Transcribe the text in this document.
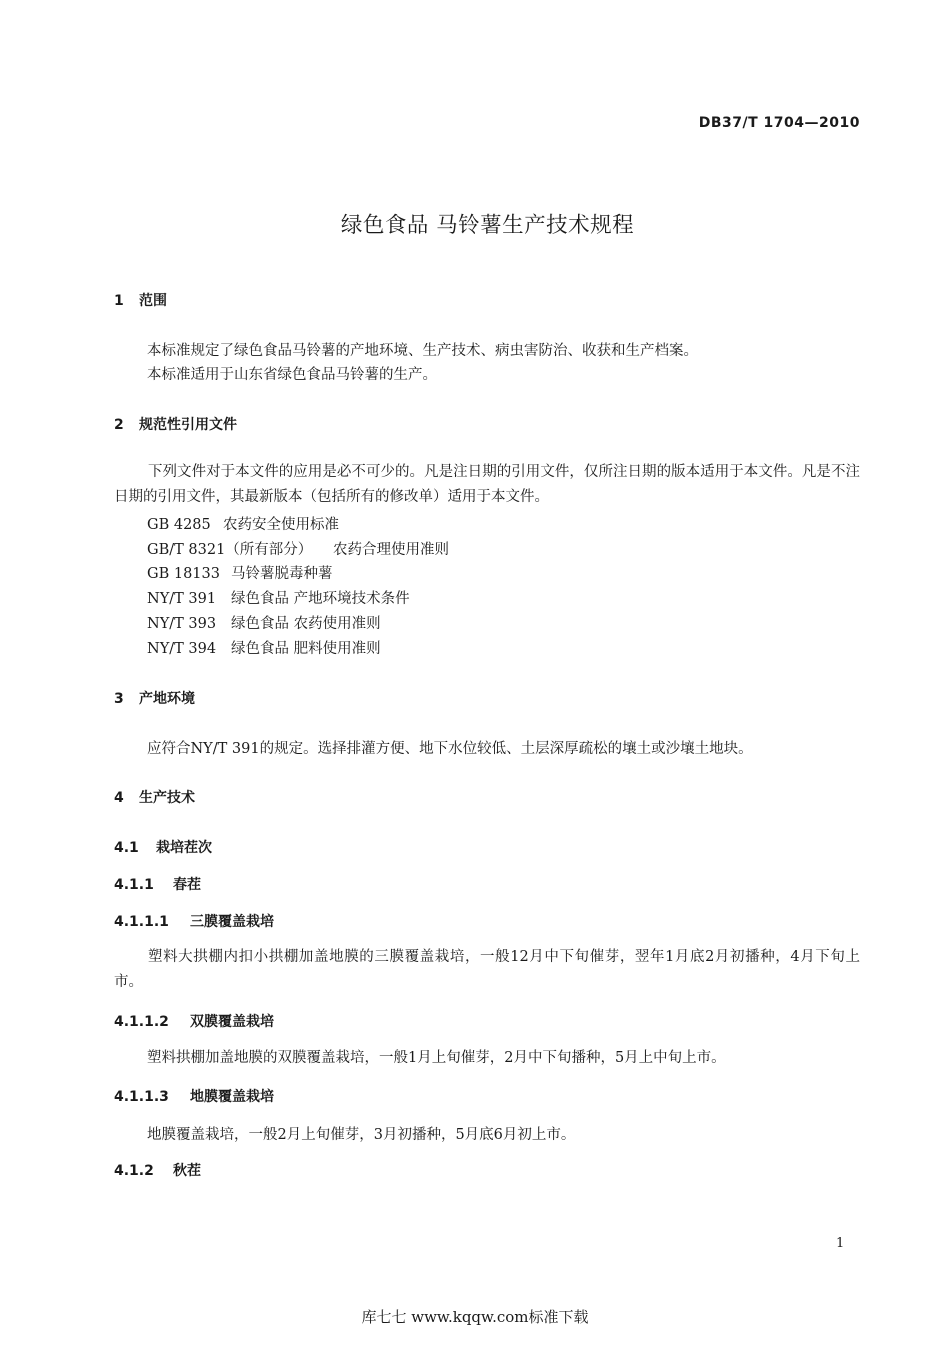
DB37/T 1704—2010
绿色食品 马铃薯生产技术规程
1 范围
本标准规定了绿色食品马铃薯的产地环境、生产技术、病虫害防治、收获和生产档案。
本标准适用于山东省绿色食品马铃薯的生产。
2 规范性引用文件
下列文件对于本文件的应用是必不可少的。凡是注日期的引用文件，仅所注日期的版本适用于本文件。凡是不注日期的引用文件，其最新版本（包括所有的修改单）适用于本文件。
GB 4285 农药安全使用标准
GB/T 8321（所有部分） 农药合理使用准则
GB 18133 马铃薯脱毒种薯
NY/T 391 绿色食品 产地环境技术条件
NY/T 393 绿色食品 农药使用准则
NY/T 394 绿色食品 肥料使用准则
3 产地环境
应符合NY/T 391的规定。选择排灌方便、地下水位较低、土层深厚疏松的壤土或沙壤土地块。
4 生产技术
4.1 栽培茬次
4.1.1 春茬
4.1.1.1 三膜覆盖栽培
塑料大拱棚内扣小拱棚加盖地膜的三膜覆盖栽培，一般12月中下旬催芽，翌年1月底2月初播种，4月下旬上市。
4.1.1.2 双膜覆盖栽培
塑料拱棚加盖地膜的双膜覆盖栽培，一般1月上旬催芽，2月中下旬播种，5月上中旬上市。
4.1.1.3 地膜覆盖栽培
地膜覆盖栽培，一般2月上旬催芽，3月初播种，5月底6月初上市。
4.1.2 秋茬
1
库七七 www.kqqw.com标准下载
